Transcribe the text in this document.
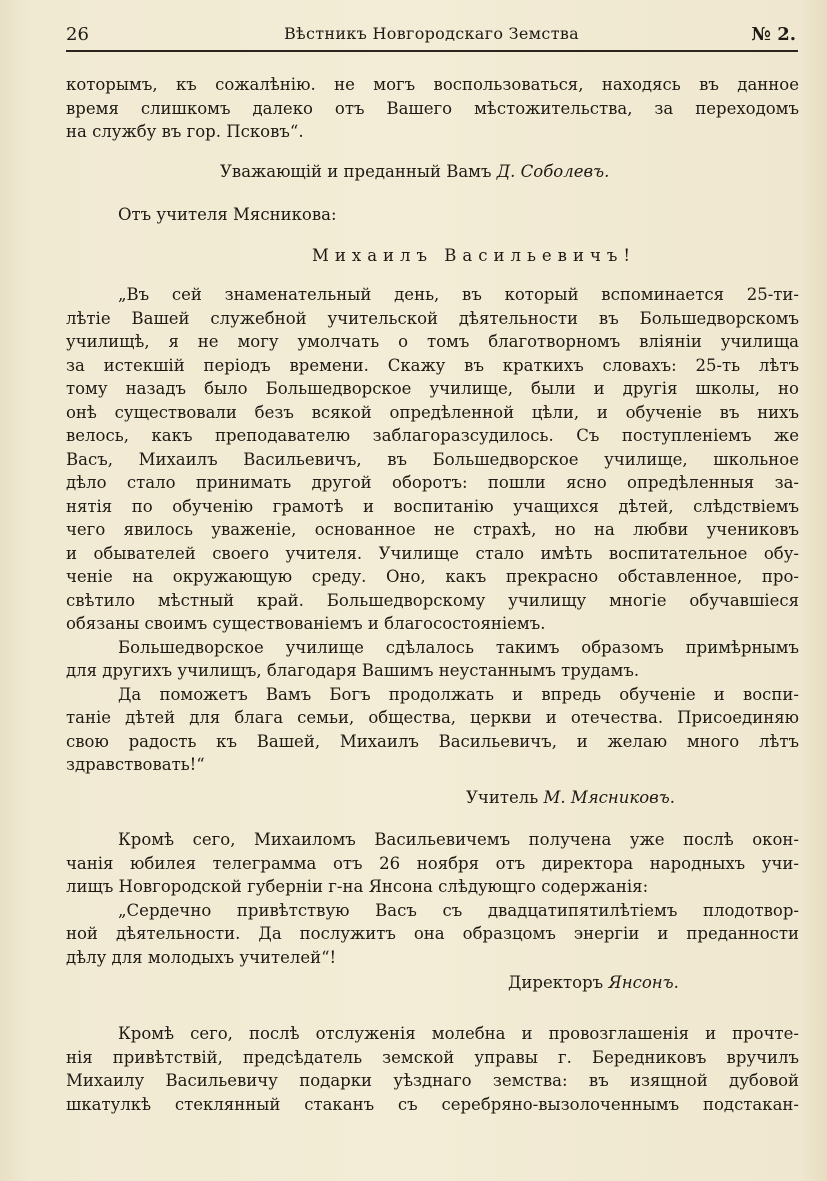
26	Вѣстникъ Новгородскаго Земства	№ 2.
которымъ, къ сожалѣнію. не могъ воспользоваться, находясь въ данное
время слишкомъ далеко отъ Вашего мѣстожительства, за переходомъ
на службу въ гор. Псковъ“.
Уважающій и преданный Вамъ Д. Соболевъ.
Отъ учителя Мясникова:
Михаилъ Васильевичъ!
„Въ сей знаменательный день, въ который вспоминается 25-ти-
лѣтіе Вашей служебной учительской дѣятельности въ Большедворскомъ
училищѣ, я не могу умолчать о томъ благотворномъ вліяніи училища
за истекшій періодъ времени. Скажу въ краткихъ словахъ: 25-ть лѣтъ
тому назадъ было Большедворское училище, были и другія школы, но
онѣ существовали безъ всякой опредѣленной цѣли, и обученіе въ нихъ
велось, какъ преподавателю заблагоразсудилось. Съ поступленіемъ же
Васъ, Михаилъ Васильевичъ, въ Большедворское училище, школьное
дѣло стало принимать другой оборотъ: пошли ясно опредѣленныя за-
нятія по обученію грамотѣ и воспитанію учащихся дѣтей, слѣдствіемъ
чего явилось уваженіе, основанное не страхѣ, но на любви учениковъ
и обывателей своего учителя. Училище стало имѣть воспитательное обу-
ченіе на окружающую среду. Оно, какъ прекрасно обставленное, про-
свѣтило мѣстный край. Большедворскому училищу многіе обучавшіеся
обязаны своимъ существованіемъ и благосостояніемъ.
Большедворское училище сдѣлалось такимъ образомъ примѣрнымъ
для другихъ училищъ, благодаря Вашимъ неустаннымъ трудамъ.
Да поможетъ Вамъ Богъ продолжать и впредь обученіе и воспи-
таніе дѣтей для блага семьи, общества, церкви и отечества. Присоединяю
свою радость къ Вашей, Михаилъ Васильевичъ, и желаю много лѣтъ
здравствовать!“
Учитель М. Мясниковъ.
Кромѣ сего, Михаиломъ Васильевичемъ получена уже послѣ окон-
чанія юбилея телеграмма отъ 26 ноября отъ директора народныхъ учи-
лищъ Новгородской губерніи г-на Янсона слѣдующго содержанія:
„Сердечно привѣтствую Васъ съ двадцатипятилѣтіемъ плодотвор-
ной дѣятельности. Да послужитъ она образцомъ энергіи и преданности
дѣлу для молодыхъ учителей“!
Директоръ Янсонъ.
Кромѣ сего, послѣ отслуженія молебна и провозглашенія и прочте-
нія привѣтствій, предсѣдатель земской управы г. Бередниковъ вручилъ
Михаилу Васильевичу подарки уѣзднаго земства: въ изящной дубовой
шкатулкѣ стеклянный стаканъ съ серебряно-вызолоченнымъ подстакан-
